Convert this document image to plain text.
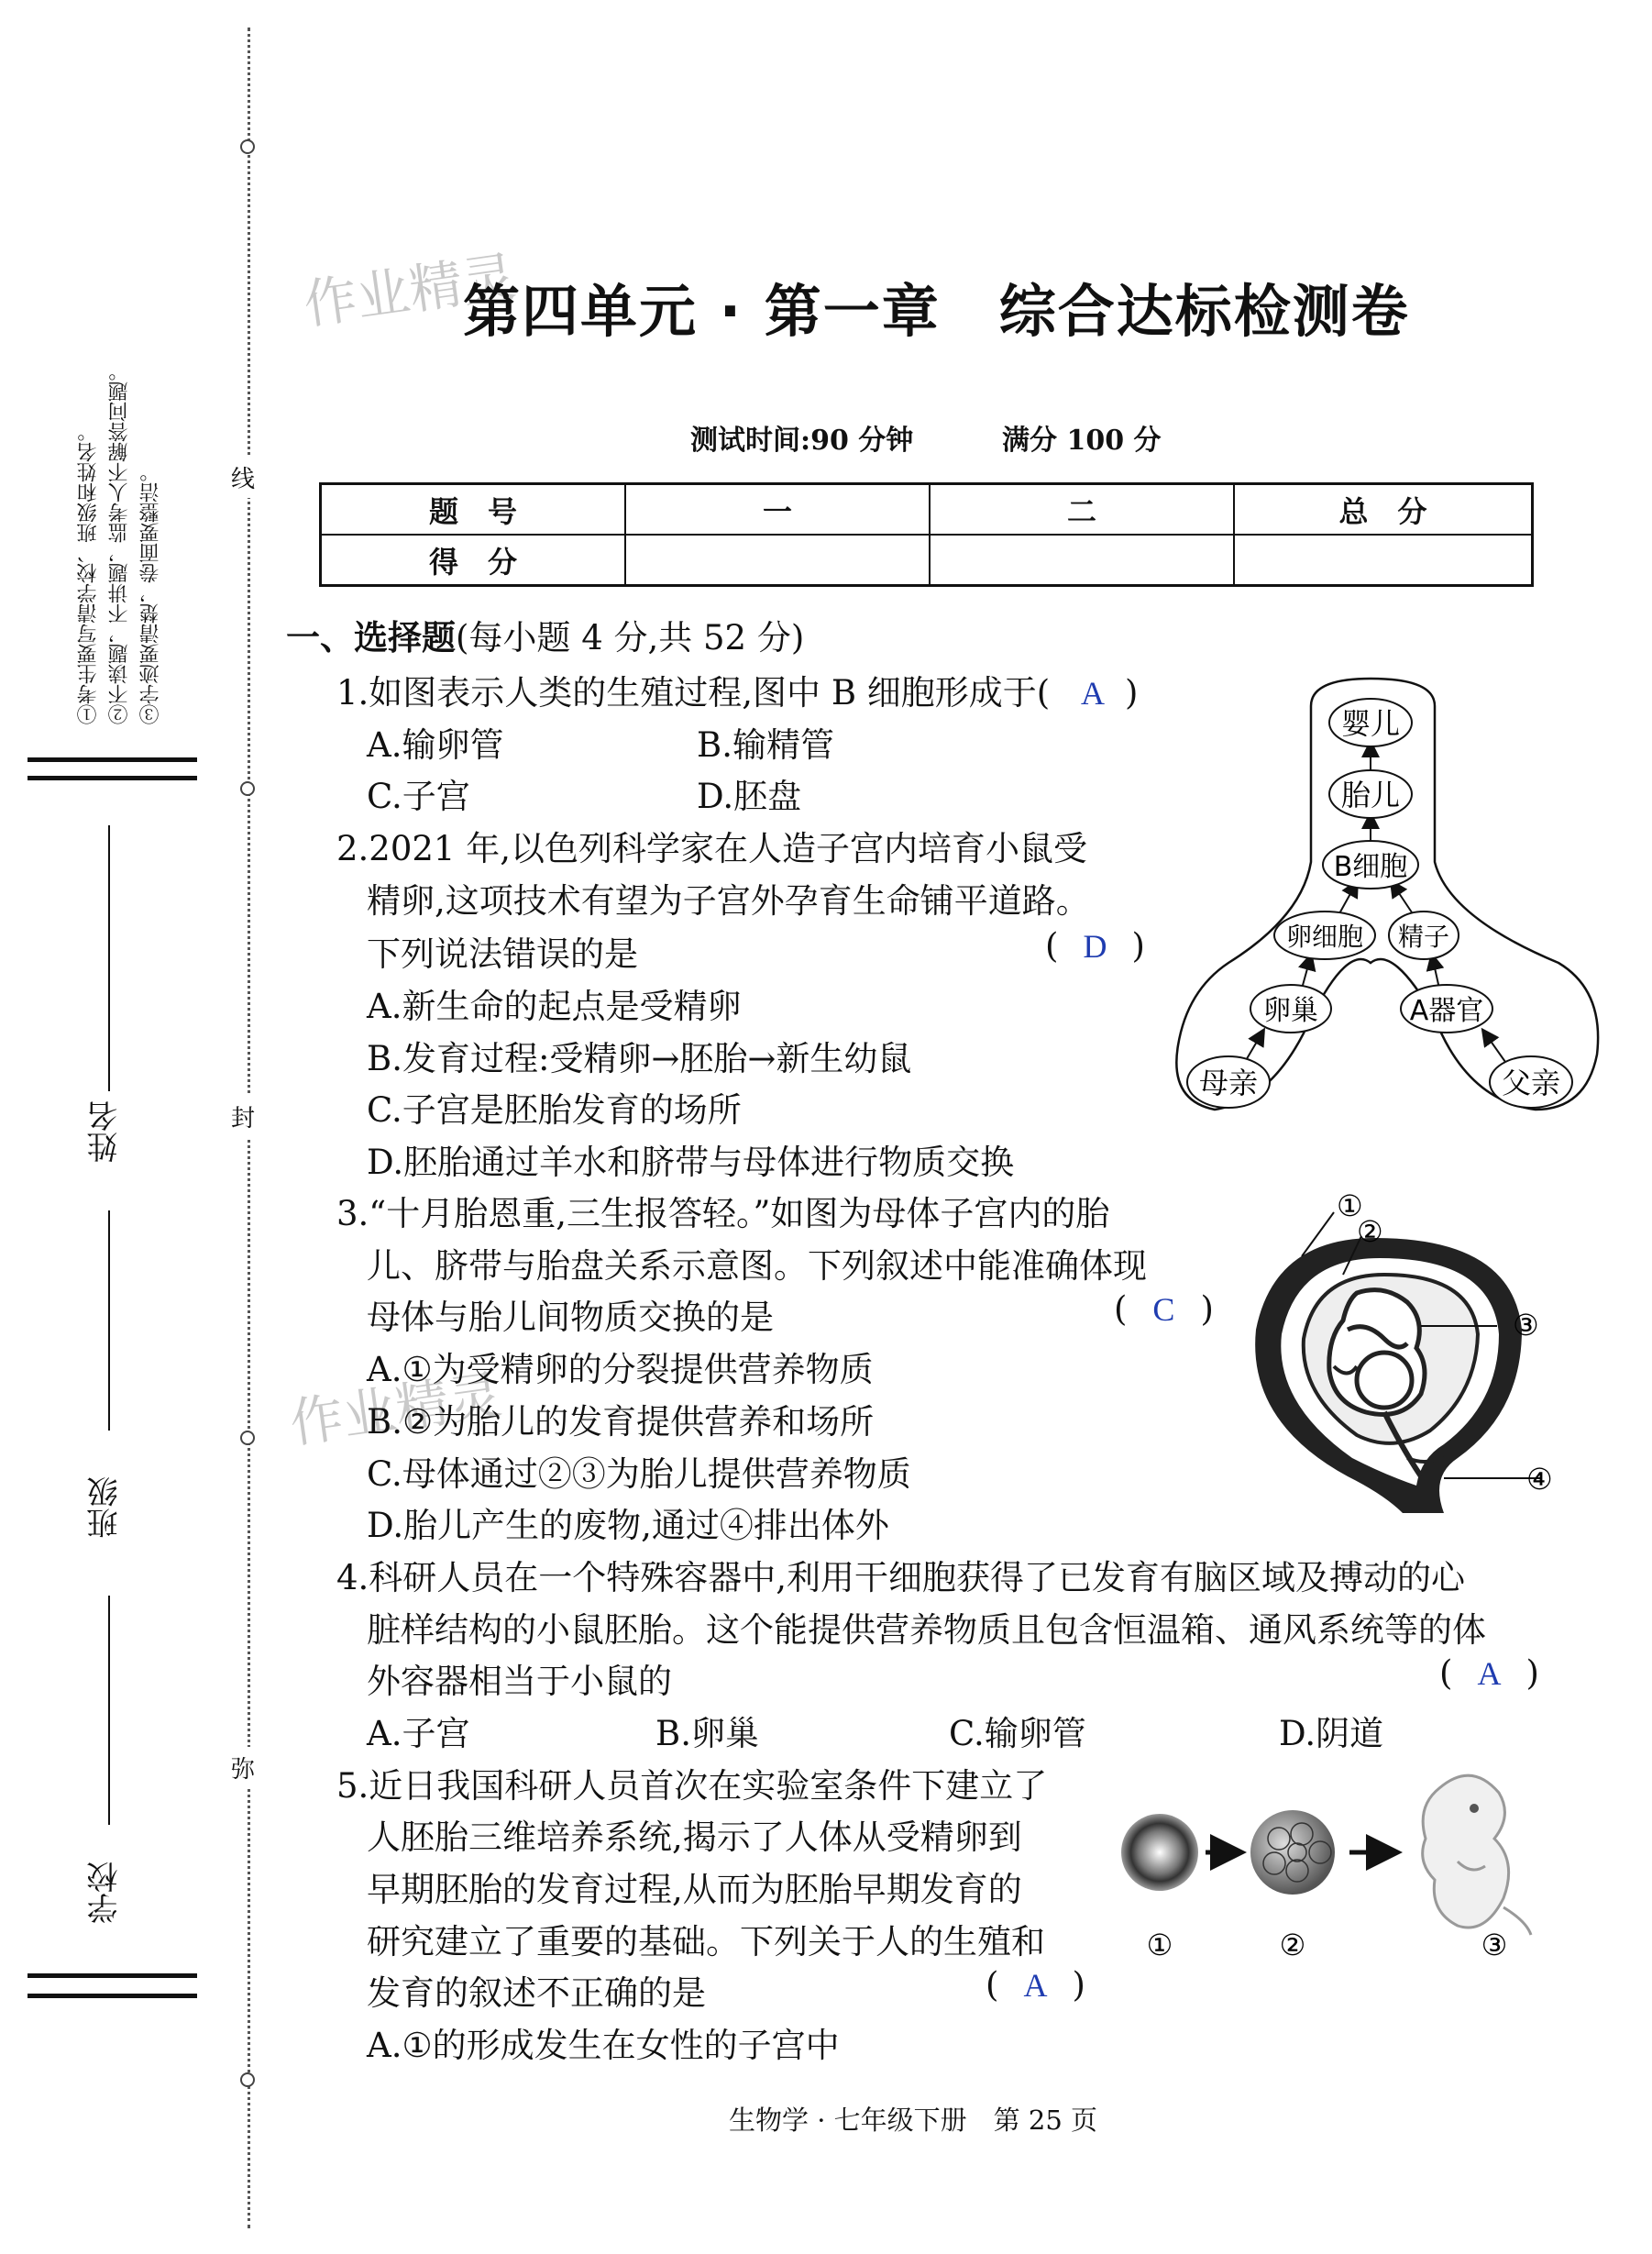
线
封
弥
①考生要写清学校、班级和姓名。 ②不读题，不讲题，监考人不解答问题。 ③字迹要清楚，卷面要整洁。
姓名
班级
学校
作业精灵
第四单元 · 第一章　综合达标检测卷
测试时间:90 分钟	满分 100 分
题　号	一	二	总　分
得　分			
一、选择题(每小题 4 分,共 52 分)
1.如图表示人类的生殖过程,图中 B 细胞形成于( A )
A.输卵管	B.输精管
C.子宫	D.胚盘
婴儿
胎儿
B细胞
卵细胞 精子
卵巢	A器官
母亲	父亲
2.2021 年,以色列科学家在人造子宫内培育小鼠受
精卵,这项技术有望为子宫外孕育生命铺平道路。
下列说法错误的是	( D )
A.新生命的起点是受精卵
B.发育过程:受精卵→胚胎→新生幼鼠
C.子宫是胚胎发育的场所
D.胚胎通过羊水和脐带与母体进行物质交换
3.“十月胎恩重,三生报答轻。”如图为母体子宫内的胎
儿、脐带与胎盘关系示意图。下列叙述中能准确体现
母体与胎儿间物质交换的是	( C )
作业精灵
A.①为受精卵的分裂提供营养物质
B.②为胎儿的发育提供营养和场所
C.母体通过②③为胎儿提供营养物质
D.胎儿产生的废物,通过④排出体外
①
②
③
④
4.科研人员在一个特殊容器中,利用干细胞获得了已发育有脑区域及搏动的心
脏样结构的小鼠胚胎。这个能提供营养物质且包含恒温箱、通风系统等的体
外容器相当于小鼠的	( A )
A.子宫	B.卵巢	C.输卵管	D.阴道
5.近日我国科研人员首次在实验室条件下建立了
人胚胎三维培养系统,揭示了人体从受精卵到
早期胚胎的发育过程,从而为胚胎早期发育的
研究建立了重要的基础。下列关于人的生殖和
发育的叙述不正确的是	( A )
A.①的形成发生在女性的子宫中
①	②	③
生物学 · 七年级下册　第 25 页
